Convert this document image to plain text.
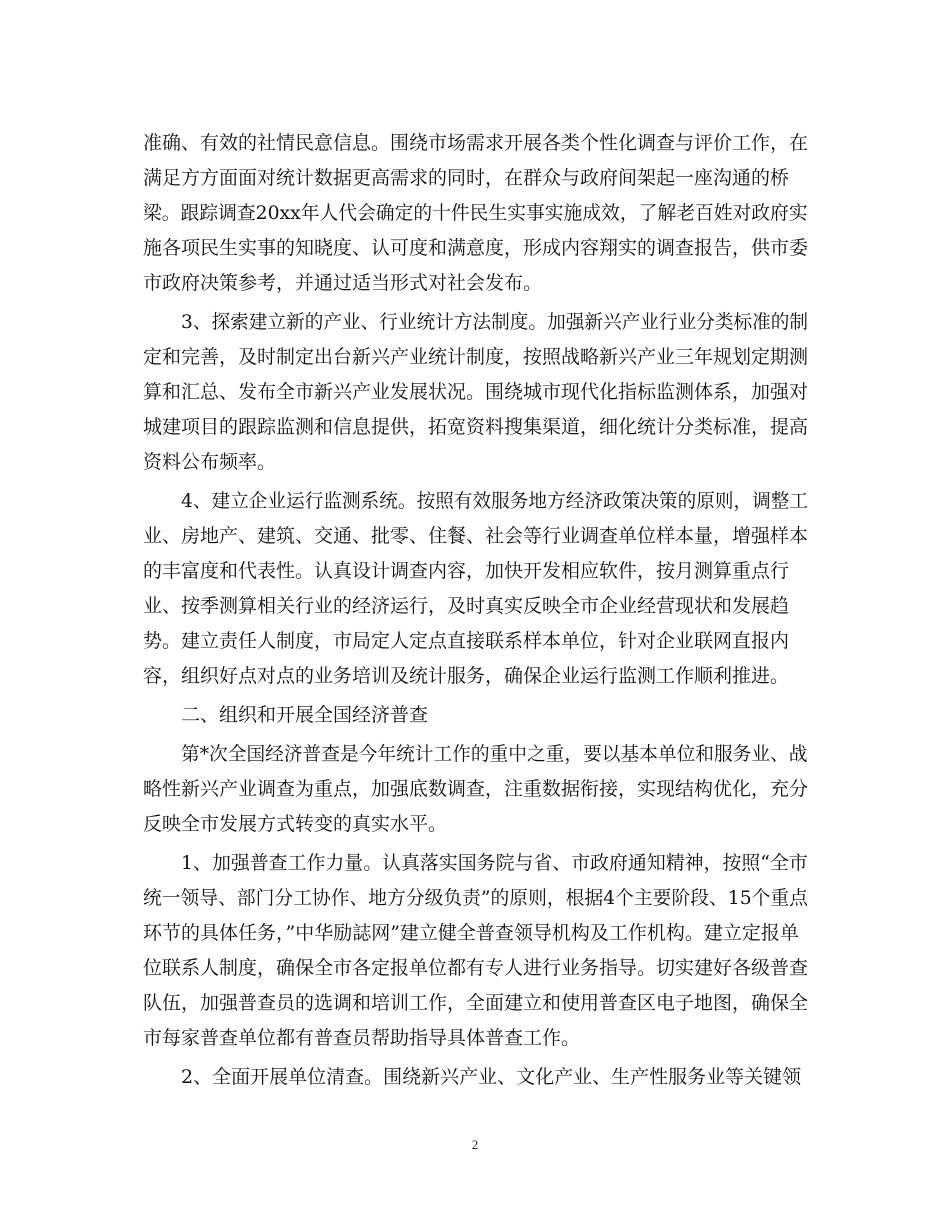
准确、有效的社情民意信息。围绕市场需求开展各类个性化调查与评价工作，在

满足方方面面对统计数据更高需求的同时，在群众与政府间架起一座沟通的桥

梁。跟踪调查20xx年人代会确定的十件民生实事实施成效，了解老百姓对政府实

施各项民生实事的知晓度、认可度和满意度，形成内容翔实的调查报告，供市委

市政府决策参考，并通过适当形式对社会发布。

3、探索建立新的产业、行业统计方法制度。加强新兴产业行业分类标准的制

定和完善，及时制定出台新兴产业统计制度，按照战略新兴产业三年规划定期测

算和汇总、发布全市新兴产业发展状况。围绕城市现代化指标监测体系，加强对

城建项目的跟踪监测和信息提供，拓宽资料搜集渠道，细化统计分类标准，提高

资料公布频率。

4、建立企业运行监测系统。按照有效服务地方经济政策决策的原则，调整工

业、房地产、建筑、交通、批零、住餐、社会等行业调查单位样本量，增强样本

的丰富度和代表性。认真设计调查内容，加快开发相应软件，按月测算重点行

业、按季测算相关行业的经济运行，及时真实反映全市企业经营现状和发展趋

势。建立责任人制度，市局定人定点直接联系样本单位，针对企业联网直报内

容，组织好点对点的业务培训及统计服务，确保企业运行监测工作顺利推进。

二、组织和开展全国经济普查

第*次全国经济普查是今年统计工作的重中之重，要以基本单位和服务业、战

略性新兴产业调查为重点，加强底数调查，注重数据衔接，实现结构优化，充分

反映全市发展方式转变的真实水平。

1、加强普查工作力量。认真落实国务院与省、市政府通知精神，按照“全市

统一领导、部门分工协作、地方分级负责”的原则，根据4个主要阶段、15个重点

环节的具体任务，”中华励誌网”建立健全普查领导机构及工作机构。建立定报单

位联系人制度，确保全市各定报单位都有专人进行业务指导。切实建好各级普查

队伍，加强普查员的选调和培训工作，全面建立和使用普查区电子地图，确保全

市每家普查单位都有普查员帮助指导具体普查工作。

2、全面开展单位清查。围绕新兴产业、文化产业、生产性服务业等关键领

2
